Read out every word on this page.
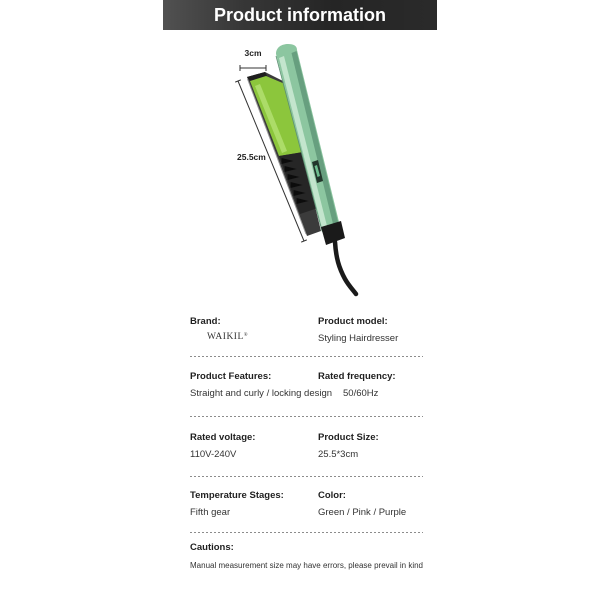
Product information
3cm
25.5cm
Brand:
WAIKIL®
Product model:
Styling Hairdresser
Product Features:
Straight and curly / locking design
Rated frequency:
50/60Hz
Rated voltage:
110V-240V
Product Size:
25.5*3cm
Temperature Stages:
Fifth gear
Color:
Green / Pink / Purple
Cautions:
Manual measurement size may have errors, please prevail in kind
